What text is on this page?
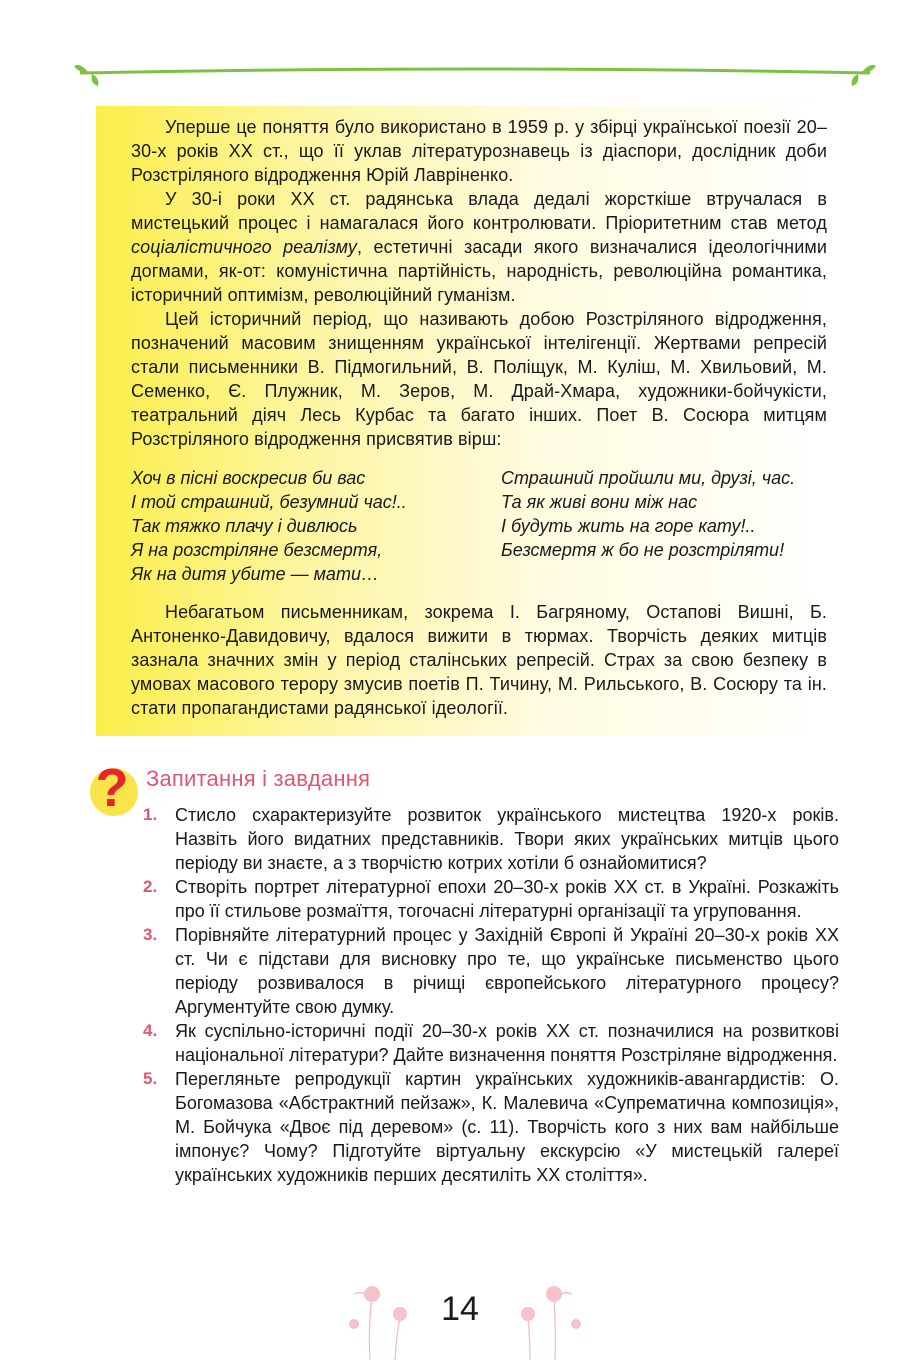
Уперше це поняття було використано в 1959 р. у збірці української поезії 20–30-х років ХХ ст., що її уклав літературознавець із діаспори, дослідник доби Розстріляного відродження Юрій Лавріненко.

У 30-і роки ХХ ст. радянська влада дедалі жорсткіше втручалася в мистецький процес і намагалася його контролювати. Пріоритетним став метод соціалістичного реалізму, естетичні засади якого визначалися ідеологічними догмами, як-от: комуністична партійність, народність, революційна романтика, історичний оптимізм, революційний гуманізм.

Цей історичний період, що називають добою Розстріляного відродження, позначений масовим знищенням української інтелігенції. Жертвами репресій стали письменники В. Підмогильний, В. Поліщук, М. Куліш, М. Хвильовий, М. Семенко, Є. Плужник, М. Зеров, М. Драй-Хмара, художники-бойчукісти, театральний діяч Лесь Курбас та багато інших. Поет В. Сосюра митцям Розстріляного відродження присвятив вірш:

Хоч в пісні воскресив би вас
І той страшний, безумний час!..
Так тяжко плачу і дивлюсь
Я на розстріляне безсмертя,
Як на дитя убите — мати…
Страшний пройшли ми, друзі, час.
Та як живі вони між нас
І будуть жить на горе кату!..
Безсмертя ж бо не розстріляти!

Небагатьом письменникам, зокрема І. Багряному, Остапові Вишні, Б. Антоненко-Давидовичу, вдалося вижити в тюрмах. Творчість деяких митців зазнала значних змін у період сталінських репресій. Страх за свою безпеку в умовах масового терору змусив поетів П. Тичину, М. Рильського, В. Сосюру та ін. стати пропагандистами радянської ідеології.

? Запитання і завдання
1. Стисло схарактеризуйте розвиток українського мистецтва 1920-х років. Назвіть його видатних представників. Твори яких українських митців цього періоду ви знаєте, а з творчістю котрих хотіли б ознайомитися?
2. Створіть портрет літературної епохи 20–30-х років ХХ ст. в Україні. Розкажіть про її стильове розмаїття, тогочасні літературні організації та угруповання.
3. Порівняйте літературний процес у Західній Європі й Україні 20–30-х років ХХ ст. Чи є підстави для висновку про те, що українське письменство цього періоду розвивалося в річищі європейського літературного процесу? Аргументуйте свою думку.
4. Як суспільно-історичні події 20–30-х років ХХ ст. позначилися на розвиткові національної літератури? Дайте визначення поняття Розстріляне відродження.
5. Перегляньте репродукції картин українських художників-авангардистів: О. Богомазова «Абстрактний пейзаж», К. Малевича «Супрематична композиція», М. Бойчука «Двоє під деревом» (с. 11). Творчість кого з них вам найбільше імпонує? Чому? Підготуйте віртуальну екскурсію «У мистецькій галереї українських художників перших десятиліть ХХ століття».
14
